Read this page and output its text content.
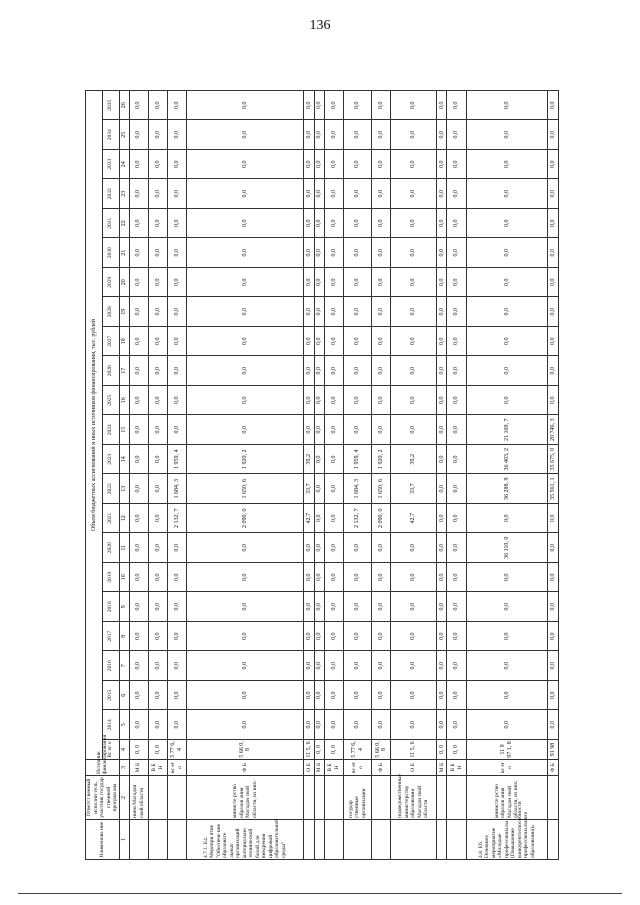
136
Наименова ние	Ответст венный исполни тель, участник государ ственной програм мы	Источник финансирования	Объем бюджетных ассигнований и иных источников финансирования, тыс. рублей																						
			Вс ег о	2014	2015	2016	2017	2018	2019	2020	2021	2022	2023	2024	2025	2026	2027	2028	2029	2030	2031	2032	2033	2034	2035
1	2	3	4	5	6	7	8	9	10	11	12	13	14	15	16	17	18	19	20	21	22	23	24	25	26
	нием Магадан ской области	М Б	0, 0	0,0	0,0	0,0	0,0	0,0	0,0	0,0	0,0	0,0	0,0	0,0	0,0	0,0	0,0	0,0	0,0	0,0	0,0	0,0	0,0	0,0	0,0
		В Б Н	0, 0	0,0	0,0	0,0	0,0	0,0	0,0	0,0	0,0	0,0	0,0	0,0	0,0	0,0	0,0	0,0	0,0	0,0	0,0	0,0	0,0	0,0	0,0
		вс ег о	5 77 6, 4	0,0	0,0	0,0	0,0	0,0	0,0	0,0	2 132, 7	1 684, 3	1 959, 4	0,0	0,0	0,0	0,0	0,0	0,0	0,0	0,0	0,0	0,0	0,0	0,0
4.7.1. Е4. Меропри ятие "Обеспече ние образовате льных организаций материально технической базой для внедрения цифровой образовательной среды"	министе рство образов ания Магадан ской области, из них:	Ф Б	5 66 0, 8	0,0	0,0	0,0	0,0	0,0	0,0	0,0	2 090, 0	1 650, 6	1 920, 2	0,0	0,0	0,0	0,0	0,0	0,0	0,0	0,0	0,0	0,0	0,0	0,0
		О Б	11 5, 6	0,0	0,0	0,0	0,0	0,0	0,0	0,0	42,7	33,7	39,2	0,0	0,0	0,0	0,0	0,0	0,0	0,0	0,0	0,0	0,0	0,0	0,0
		М Б	0, 0	0,0	0,0	0,0	0,0	0,0	0,0	0,0	0,0	0,0	0,0	0,0	0,0	0,0	0,0	0,0	0,0	0,0	0,0	0,0	0,0	0,0	0,0
		В Б Н	0, 0	0,0	0,0	0,0	0,0	0,0	0,0	0,0	0,0	0,0	0,0	0,0	0,0	0,0	0,0	0,0	0,0	0,0	0,0	0,0	0,0	0,0	0,0
	государ ственные организации	вс ег о	5 77 6, 4	0,0	0,0	0,0	0,0	0,0	0,0	0,0	2 132, 7	1 684, 3	1 959, 4	0,0	0,0	0,0	0,0	0,0	0,0	0,0	0,0	0,0	0,0	0,0	0,0
		Ф Б	5 66 0, 8	0,0	0,0	0,0	0,0	0,0	0,0	0,0	2 090, 0	1 650, 6	1 920, 2	0,0	0,0	0,0	0,0	0,0	0,0	0,0	0,0	0,0	0,0	0,0	0,0
	подведомственные министерству образования Магадан ской области	О Б	11 5, 6	0,0	0,0	0,0	0,0	0,0	0,0	0,0	42,7	33,7	39,2	0,0	0,0	0,0	0,0	0,0	0,0	0,0	0,0	0,0	0,0	0,0	0,0
		М Б	0, 0	0,0	0,0	0,0	0,0	0,0	0,0	0,0	0,0	0,0	0,0	0,0	0,0	0,0	0,0	0,0	0,0	0,0	0,0	0,0	0,0	0,0	0,0
		В Б Н	0, 0	0,0	0,0	0,0	0,0	0,0	0,0	0,0	0,0	0,0	0,0	0,0	0,0	0,0	0,0	0,0	0,0	0,0	0,0	0,0	0,0	0,0	0,0
4.8. Е6. Основное мероприятие «Молодые профессионалы (Повышение конкурентоспособности профессионального образования)»	министе рство образов ания Магадан ской области, из них:	вс ег о	11 9 97 1, 8	0,0	0,0	0,0	0,0	0,0	0,0	36 110, 0	0,0	36 288, 9	36 403, 2	21 169, 7	0,0	0,0	0,0	0,0	0,0	0,0	0,0	0,0	0,0	0,0	0,0
		Ф Б	91 98	0,0	0,0	0,0	0,0	0,0	0,0	0,0	0,0	35 561, 1	35 675, 0	20 746, 3	0,0	0,0	0,0	0,0	0,0	0,0	0,0	0,0	0,0	0,0	0,0
